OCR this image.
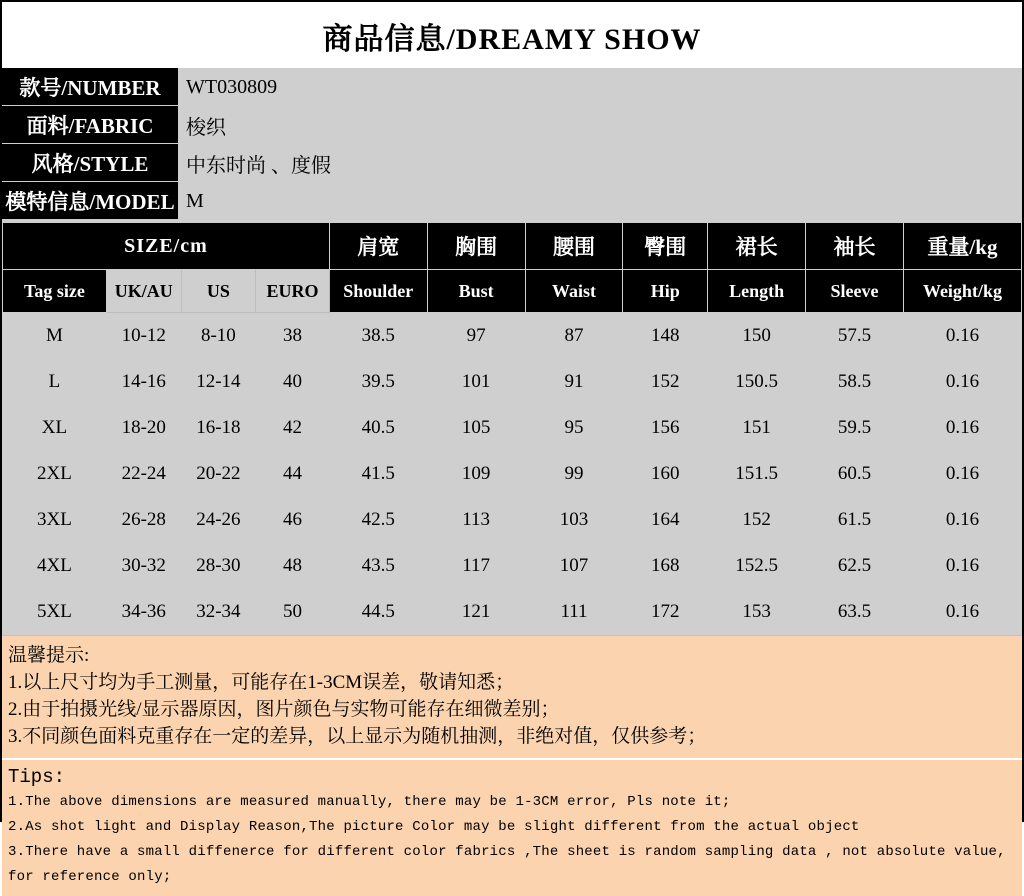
商品信息/DREAMY SHOW
款号/NUMBER	WT030809
面料/FABRIC	梭织
风格/STYLE	中东时尚 、度假
模特信息/MODEL M
SIZE/cm				肩宽	胸围	腰围	臀围	裙长	袖长	重量/kg
Tag size	UK/AU	US	EURO	Shoulder	Bust	Waist	Hip	Length	Sleeve	Weight/kg
M	10-12	8-10	38	38.5	97	87	148	150	57.5	0.16
L	14-16	12-14	40	39.5	101	91	152	150.5	58.5	0.16
XL	18-20	16-18	42	40.5	105	95	156	151	59.5	0.16
2XL	22-24	20-22	44	41.5	109	99	160	151.5	60.5	0.16
3XL	26-28	24-26	46	42.5	113	103	164	152	61.5	0.16
4XL	30-32	28-30	48	43.5	117	107	168	152.5	62.5	0.16
5XL	34-36	32-34	50	44.5	121	111	172	153	63.5	0.16
温馨提示:
1.以上尺寸均为手工测量，可能存在1-3CM误差，敬请知悉；
2.由于拍摄光线/显示器原因，图片颜色与实物可能存在细微差别；
3.不同颜色面料克重存在一定的差异，以上显示为随机抽测，非绝对值，仅供参考；
Tips:
1.The above dimensions are measured manually, there may be 1-3CM error, Pls note it;
2.As shot light and Display Reason,The picture Color may be slight different from the actual object
3.There have a small diffenerce for different color fabrics ,The sheet is random sampling data , not absolute value,
for reference only;
